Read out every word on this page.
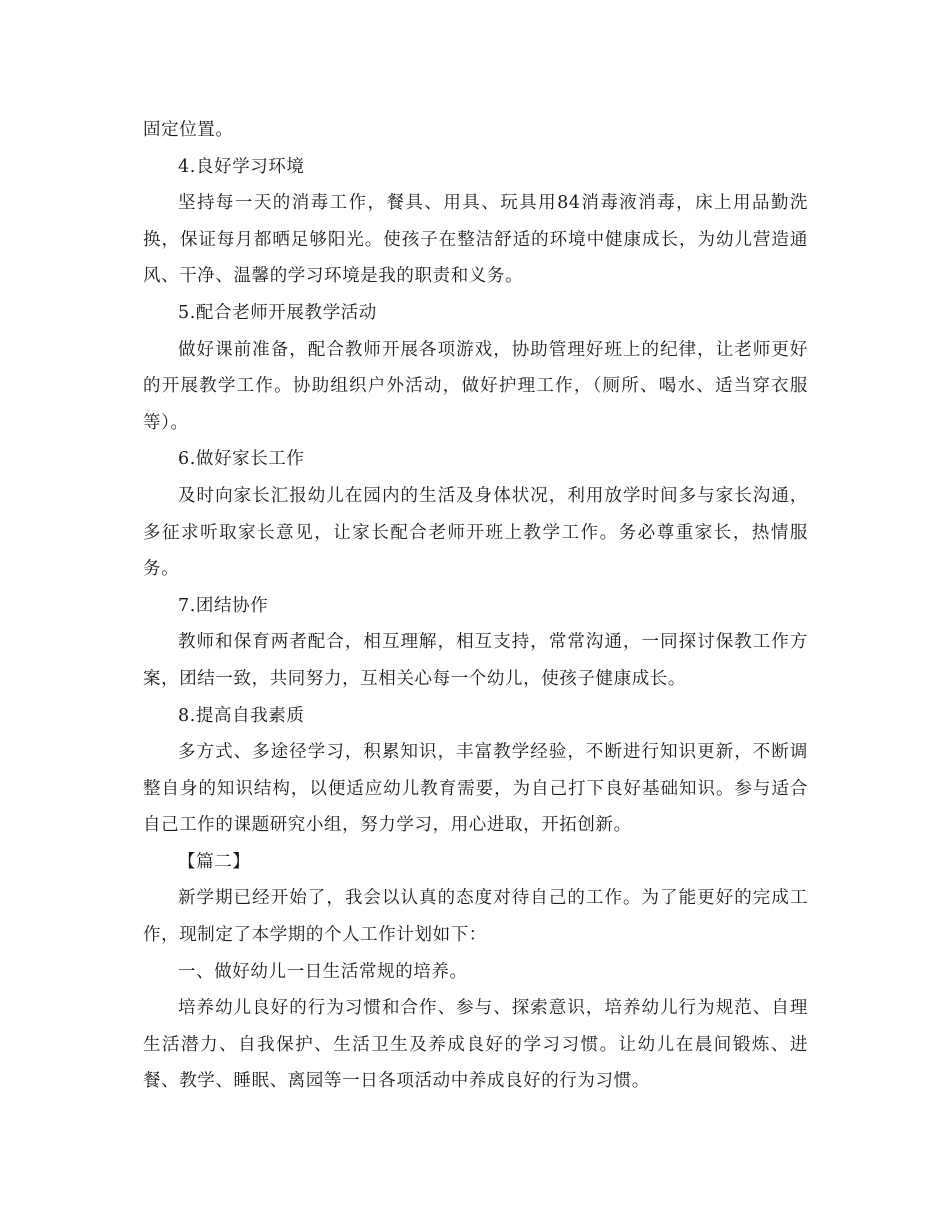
固定位置。

4.良好学习环境

坚持每一天的消毒工作，餐具、用具、玩具用84消毒液消毒，床上用品勤洗换，保证每月都晒足够阳光。使孩子在整洁舒适的环境中健康成长，为幼儿营造通风、干净、温馨的学习环境是我的职责和义务。

5.配合老师开展教学活动

做好课前准备，配合教师开展各项游戏，协助管理好班上的纪律，让老师更好的开展教学工作。协助组织户外活动，做好护理工作，（厕所、喝水、适当穿衣服等）。

6.做好家长工作

及时向家长汇报幼儿在园内的生活及身体状况，利用放学时间多与家长沟通，多征求听取家长意见，让家长配合老师开班上教学工作。务必尊重家长，热情服务。

7.团结协作

教师和保育两者配合，相互理解，相互支持，常常沟通，一同探讨保教工作方案，团结一致，共同努力，互相关心每一个幼儿，使孩子健康成长。

8.提高自我素质

多方式、多途径学习，积累知识，丰富教学经验，不断进行知识更新，不断调整自身的知识结构，以便适应幼儿教育需要，为自己打下良好基础知识。参与适合自己工作的课题研究小组，努力学习，用心进取，开拓创新。

【篇二】

新学期已经开始了，我会以认真的态度对待自己的工作。为了能更好的完成工作，现制定了本学期的个人工作计划如下：

一、做好幼儿一日生活常规的培养。

培养幼儿良好的行为习惯和合作、参与、探索意识，培养幼儿行为规范、自理生活潜力、自我保护、生活卫生及养成良好的学习习惯。让幼儿在晨间锻炼、进餐、教学、睡眠、离园等一日各项活动中养成良好的行为习惯。
